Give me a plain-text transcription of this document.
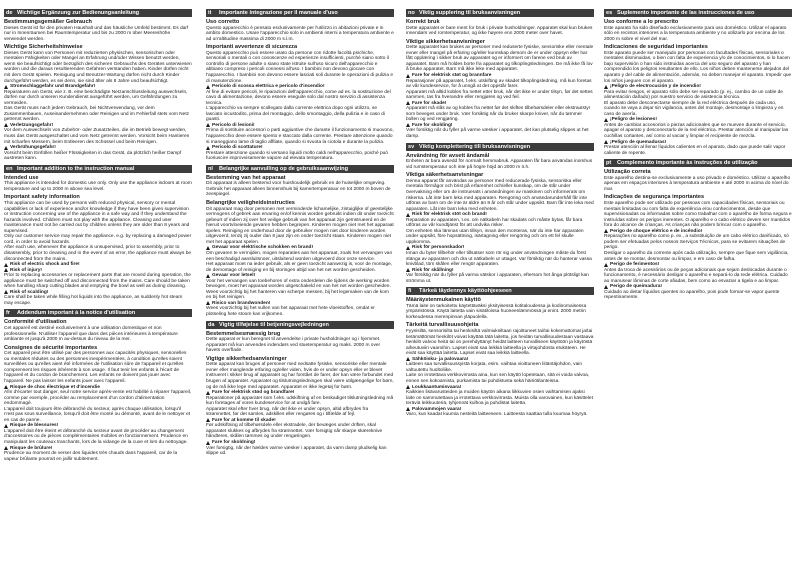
de Wichtige Ergänzung zur Bedienungsanleitung
Bestimmungsgemäßer Gebrauch

Dieses Gerät ist für den privaten Haushalt und das häusliche Umfeld bestimmt. Es darf nur in Innenräumen bei Raumtemperatur und bis zu 2000 m über Meereshöhe verwendet werden.

Wichtige Sicherheitshinweise

Dieses Gerät kann von Personen mit reduzierten physischen, sensorischen oder mentalen Fähigkeiten oder Mangel an Erfahrung und/oder Wissen benutzt werden, wenn sie beaufsichtigt oder bezüglich des sicheren Gebrauchs des Gerätes unterwiesen wurden und die daraus resultierenden Gefahren verstanden haben. Kinder dürfen nicht mit dem Gerät spielen. Reinigung und Benutzer-Wartung dürfen nicht durch Kinder durchgeführt werden, es sei denn, sie sind älter als 8 Jahre und beaufsichtigt.

Stromschlaggefahr und Brandgefahr!

Reparaturen am Gerät, wie z. B. eine beschädigte Netzanschlussleitung auswechseln, dürfen nur durch unseren Kundendienst ausgeführt werden, um Gefährdungen zu vermeiden.

Das Gerät muss nach jedem Gebrauch, bei Nichtverwendung, vor dem Zusammenbauen, Auseinandernehmen oder Reinigen und im Fehlerfall stets vom Netz getrennt werden.

Verletzungsgefahr!

Vor dem Auswechseln von Zubehör- oder Zusatzteilen, die im Betrieb bewegt werden, muss das Gerät ausgeschaltet und vom Netz getrennt werden. Vorsicht beim Hantieren mit scharfen Messern, beim Entleeren des Schüssel und beim Reinigen.

Verbrühungsgefahr!

Vorsicht beim Einfüllen heißer Flüssigkeiten in das Gerät, da plötzlich heißer Dampf austreten kann.

en Important addition to the instruction manual
Intended use

This appliance is intended for domestic use only. Only use the appliance indoors at room temperature and up to 2000 m above sea level.

Important safety information

This appliance can be used by persons with reduced physical, sensory or mental capabilities or lack of experience and/or knowledge if they have been given supervision or instruction concerning use of the appliance in a safe way and if they understand the hazards involved. Children must not play with the appliance. Cleaning and user maintenance must not be carried out by children unless they are older than 8 years and supervised.

Only our customer service may repair the appliance, e.g. by replacing a damaged power cord, in order to avoid hazards.

After each use, whenever the appliance is unsupervised, prior to assembly, prior to disassembly, prior to cleaning and in the event of an error, the appliance must always be disconnected from the mains.

Risk of electric shock and fire!
Risk of injury!

Prior to replacing accessories or replacement parts that are moved during operation, the appliance must be switched off and disconnected from the mains. Care should be taken when handling sharp cutting blades and emptying the bowl as well as during cleaning.

Risk of scalding!

Care shall be taken while filling hot liquids into the appliance, as suddenly hot steam may escape.

fr Addendum important à la notice d'utilisation
Conformité d'utilisation

Cet appareil est destiné exclusivement à une utilisation domestique et non professionnelle. N'utiliser l'appareil que dans des pièces intérieures à température ambiante et jusqu'à 2000 m au-dessus du niveau de la mer.

Consignes de sécurité importantes

Cet appareil peut être utilisé par des personnes aux capacités physiques, sensorielles ou mentales réduites ou des personnes inexpérimentées, à condition qu'elles soient surveillées ou qu'elles aient été informées de l'utilisation sûre de l'appareil et qu'elles comprennent les risques inhérents à son usage. Il faut tenir les enfants à l'écart de l'appareil et du cordon de branchement. Les enfants ne doivent pas jouer avec l'appareil. Ne pas laisser les enfants jouer avec l'appareil.

Risque de choc électrique et d'incendie

Afin d'écarter tout danger, seul notre service après-vente est habilité à réparer l'appareil, comme par exemple, procéder au remplacement d'un cordon d'alimentation endommagé.

L'appareil doit toujours être débranché du secteur, après chaque utilisation, lorsqu'il n'est pas sous surveillance, lorsqu'il doit être monté ou démonté, avant de le nettoyer et en cas de panne.

Risque de blessures!

L'appareil doit être éteint et débranché du secteur avant de procéder au changement d'accessoires ou de pièces complémentaires mobiles en fonctionnement. Prudence en manipulant les couteaux tranchants, lors de la vidange de la cuve et lors du nettoyage.

Risque de brûlure!

Prudence au moment de verser des liquides très chauds dans l'appareil, car de la vapeur brûlante pourrait en jaillir subitement.

it Importante integrazione per il manuale d'uso
Uso corretto

Questo apparecchio è pensato esclusivamente per l'utilizzo in abitazioni private e in ambito domestico. Usare l'apparecchio solo in ambienti interni a temperatura ambiente e ad un'altitudine massima di 2000 m s.l.m.

Importanti avvertenze di sicurezza

Questo apparecchio può essere usato da persone con ridotte facoltà psichiche, sensoriali o mentali o con conoscenze ed esperienze insufficienti, purché siano sotto il controllo di persone adulte o siano state istruite sull'uso sicuro dell'apparecchio e abbiano compreso i pericoli connessi all'uso. I bambini non devono giocare con l'apparecchio. I bambini non devono essere lasciati soli durante le operazioni di pulizia e di manutenzione.

Pericolo di scossa elettrica e pericolo d'incendio!

Al fine di evitare pericoli, le riparazioni dell'apparecchio, come ad es. la sostituzione del cavo di alimentazione, devono essere eseguite solo dal nostro servizio di assistenza tecnica.

L'apparecchio va sempre scollegato dalla corrente elettrica dopo ogni utilizzo, se lasciato incustodito, prima del montaggio, dello smontaggio, della pulizia e in caso di guasti.

Pericolo di lesioni!

Prima di sostituire accessori o parti aggiuntive che durante il funzionamento si muovono, l'apparecchio deve essere spento e staccato dalla corrente. Prestare attenzione quando si maneggiano lame di taglio affilate, quando si svuota la ciotola e durante la pulizia.

Pericolo di scottature!

Prestare attenzione quando si versano liquidi molto caldi nell'apparecchio, poiché può fuoriuscire improvvisamente vapore ad elevata temperatura.

nl Belangrijke aanvulling op de gebruiksaanwijzing
Bestemming van het apparaat

Dit apparaat is alleen bestemd voor huishoudelijk gebruik en de huiselijke omgeving. Gebruik het apparaat alleen binnenshuis bij kamertemperatuur en tot 2000 m boven de zeespiegel.

Belangrijke veiligheidsinstructies

Dit apparaat mag door personen met verminderde lichamelijke, zintuiglijke of geestelijke vermogens of gebrek aan ervaring en/of kennis worden gebruikt indien dit onder toezicht gebeurt of indien zij over het veilige gebruik van het apparaat zijn geïnstrueerd en de hieruit voortvloeiende gevaren hebben begrepen. Kinderen mogen niet met het apparaat spelen. Reiniging en onderhoud door de gebruiker mogen niet door kinderen worden uitgevoerd, tenzij zij ouder dan 8 jaar zijn en onder toezicht staan. Kinderen mogen niet met het apparaat spelen.

Gevaar voor elektrische schokken en brand!

Om gevaren te vermijden, mogen reparaties aan het apparaat, zoals het vervangen van een beschadigd aansluitsnoer, uitsluitend worden uitgevoerd door onze service.

Het apparaat moet na ieder gebruik, als er geen toezicht aanwezig is, voor de montage, de demontage of reiniging en bij storingen altijd van het net worden gescheiden.

Gevaar voor letsel!

Voor het vervangen van toebehoren of extra onderdelen die tijdens de werking worden bewogen, moet het apparaat worden uitgeschakeld en van het net worden gescheiden. Wees voorzichtig bij het hanteren van scherpe messen, bij het legemaken van de kom en bij het reinigen.

Risico van brandwonden!

Wees voorzichtig bij het vullen van het apparaat met hete vloeistoffen, omdat er plotseling hete stoom kan vrijkomen.

da Vigtig tilføjelse til betjeningsvejledningen
Bestemmelsesmæssig brug

Dette apparat er kun beregnet til anvendelse i private husholdninger og i hjemmet. Apparatet må kun anvendes indendørs ved stuetemperatur og maks. 2000 m over havets overflade.

Vigtige sikkerhedsanvisninger

Dette apparat kan bruges af personer med nedsatte fysiske, sensoriske eller mentale evner eller manglende erfaring og/eller viden, hvis de er under opsyn eller er blevet instrueret i sikker brug af apparatet og har forstået de farer, der kan være forbundet med brugen af apparatet. Apparatet og tilslutningsledningen skal være utilgængelige for børn, og de må ikke lege med apparatet. Apparatet er ikke legetøj for børn.

Fare for elektrisk stød og brandfare!

Reparationer på apparatet som f.eks. udskiftning af en beskadiget tilslutningsledning må kun foretages af vores kundeservice for at undgå fare.

Apparatet skal efter hver brug, når det ikke er under opsyn, altid afbrydes fra strømnettet, før det samles, adskilles eller rengøres og i tilfælde af fejl.

Fare for at komme til skade!

Før udskiftning af tilbehørsdele eller ekstradele, der bevæges under driften, skal apparatet slukkes og afbrydes fra strømnettet. Vær forsigtig når skarpe skæreknive håndteres, skålen tømmes og under rengøringen.

Fare for skoldning!

Vær forsigtig, når der hældes varme væsker i apparatet, da varm damp pludselig kan slippe ud.

no Viktig supplering til bruksanvisningen
Korrekt bruk

Dette apparatet er bare ment for bruk i private husholdninger. Apparatet skal kun brukes innendørs ved romtemperatur, og ikke høyere enn 2000 meter over havet.

Viktige sikkerhetsanvisninger

Dette apparatet kan brukes av personer med reduserte fysiske, sensoriske eller mentale evner eller mangel på erfaring og/eller kunnskap dersom de er under oppsyn eller har fått opplæring i sikker bruk av apparatet og er informert om farene ved bruk av apparatet. Barn må holdes borte fra apparatet og tilkoplingsledningen. De må ikke få lov å bruke apparatet. Barn må ikke leke med apparatet.

Fare for elektrisk støt og brannfare

Reparasjoner på apparatet, f.eks. utskifting av skadet tilkoplingsledning, må kun foretas av vår kundeservice, for å unngå at det oppstår farer.

Apparatet må alltid kobles fra nettet etter bruk, når det ikke er under tilsyn, før det settes sammen, tas fra hverandre eller rengjøres og ved feil.

Fare for skade!

Apparatet må slås av og kobles fra nettet før det skiftes tilbehørsdeler eller ekstrautstyr som beveges under bruk. Vær forsiktig når du bruker skarpe kniver, når du tømmer bollen og ved rengjøring.

Fare for skolding!

Vær forsiktig når du fyller på varme væsker i apparatet, det kan plutselig slippes ut het damp.

sv Viktig komplettering till bruksanvisningen
Användning för avsett ändamål

Enheten är bara avsedd för normalt hemmabruk. Apparaten får bara användas inomhus vid rumstemperatur och inte på högre höjd än 2000 m ö.h.

Viktiga säkerhetsanvisningar

Denna apparat får användas av personer med reducerade fysiska, sensoriska eller mentala förmågor och brist på erfarenhet och/eller kunskap, om de står under övervakning eller om de instruerats i användningen av maskinen och informerats om riskerna. Låt inte barn leka med apparaten. Rengöring och användarunderhåll får inte utföras av barn om de inte är äldre än 8 år och står under uppsikt. Barn får inte leka med apparaten. Låt inte barn leka med enheten.

Risk för elektrisk stöt och brand!

Reparation av apparaten, t.ex. om nätkabeln har skadats och måste bytas, får bara utföras av vår kundtjänst för att undvika risker.

Om enheten ska lämnas utan tillsyn, innan den monteras, när du inte har apparaten under uppsikt, före hopsättning, isärtagning eller rengöring och om ett fel skulle uppkomma.

Risk för personskador!

Innan du byter tillbehör eller tillsatser som rör sig under användningen måste du först stänga av apparaten och dra ut nätkabeln ur uttaget. Var försiktig när du hanterar vassa knivblad, töm skålen eller rengör apparaten.

Risk för skållning!

Var försiktig när du fyller på varma vätskor i apparaten, eftersom het ånga plötsligt kan strömma ut.

fi Tärkeä täydennys käyttöohjeeseen
Määräystenmukainen käyttö

Tämä laite on tarkoitettu käytettäväksi yksityisessä kotitaloudessa ja kodinomaisessa ympäristössä. Käytä laitetta vain sisätiloissa huoneenlämmössä ja enint. 2000 metrin korkeudessa merenpinnan yläpuolella.

Tärkeitä turvallisuusohjeita

Fyysisiltä, sensorisilta tai henkisiltä valmiuksiltaan rajoittuneet tai/tai kokemattomat ja/tai tietämättömät henkilöt voivat käyttää tätä laitetta, jos heidän turvallisuudestaan vastaava henkilö valvoo heitä tai on perehdyttänyt heidät laitteen turvalliseen käyttöön ja käytöstä aiheutuviin vaaroihin. Lapset eivät saa leikkiä laitteella ja virtajohdosta etukäteen. He eivät saa käyttää laitetta. Lapset eivät saa leikkiä laitteella.

Sähköisku- ja palovaara!

Laitteen saa turvallisuussyistä korjata, esim. vaihtaa vioittuneen liitäntäjohdon, vain valtuutettu huoltoliike.

Laite on irrotettava verkkovirrasta aina, kun sen käyttö lopetetaan, sitä ei voida valvoa, ennen sen kokoamista, purkamista tai puhdistusta sekä häiriötilanteissa.

Loukkaantumisvaara!

Kaikkien lisävarusteiden ja muiden käytön aikana liikkuvien osien vaihtamisen ajaksi laite on sammutettava ja irrotettava verkkovirrasta. Muista olla varovainen, kun käsittelet teräviä leikkuuteriä, tyhjennät kulhoa ja puhdistat laitetta.

Palovammojen vaara!

Varo, kun kaadat kuumia nesteitä laitteeseen. Laitteesta saattaa tulla kuumaa höyryä.

es Suplemento importante de las instrucciones de uso
Uso conforme a lo prescrito

Este aparato ha sido diseñado exclusivamente para uso doméstico. Utilizar el aparato sólo en recintos interiores a la temperatura ambiente y no utilizarlo por encima de los 2000 m sobre el nivel del mar.

Indicaciones de seguridad importantes

Este aparato puede ser manejado por personas con facultades físicas, sensoriales o mentales disminuidas, o bien con falta de experiencia y/o de conocimientos, si lo hacen bajo supervisión o han sido instruidas acerca del uso seguro del aparato y han comprendido los peligros resultantes de ello. Los niños deben mantenerse alejados del aparato y del cable de alimentación, además, no deben manejar el aparato. Impedir que los niños jueguen con el aparato.

¡Peligro de electrocución y de incendio!

Para evitar riesgos, el aparato sólo debe ser reparado (p. ej., cambio de un cable de alimentación dañado) por nuestro servicio de asistencia técnica.

El aparato debe desconectarse siempre de la red eléctrica después de cada uso, cuando se vaya a dejar sin vigilancia, antes del montaje, desmontaje o limpieza y en caso de avería.

¡Peligro de lesiones!

Antes de cambiar accesorios o piezas adicionales que se mueven durante el servicio, apagar el aparato y desconectarlo de la red eléctrica. Prestar atención al manipular las cuchillas cortantes, así como al vaciar y limpiar el recipiente de mezcla.

¡Peligro de quemaduras!

Prestar atención al llenar líquidos calientes en el aparato, dado que puede salir vapor caliente de repente.

pt Complemento importante às instruções de utilização
Utilização correta

Este aparelho destina-se exclusivamente a uso privado e doméstico. Utilizar o aparelho apenas em espaços interiores à temperatura ambiente e até 2000 m acima do nível do mar.

Indicações de segurança importantes

Este aparelho pode ser utilizado por pessoas com capacidades físicas, sensoriais ou mentais limitadas ou com falta de experiência e/ou conhecimentos, desde que supervisionadas ou informadas sobre como trabalhar com o aparelho de forma segura e instruídas sobre os perigos inerentes. O aparelho e o cabo elétrico devem ser mantidos fora do alcance de crianças. As crianças não podem brincar com o aparelho.

Perigo de choque elétrico e de incêndio!

Reparações no aparelho como p. ex., a substituição de um cabo elétrico danificado, só podem ser efetuadas pelos nossos Serviços Técnicos, para se evitarem situações de perigo.

Desligar o aparelho da corrente após cada utilização, sempre que fique sem vigilância, antes de se montar, desmontar ou limpar, e em caso de falha.

Perigo de ferimentos!

Antes da troca de acessórios ou de peças adicionais que sejam deslocadas durante o funcionamento, é necessário desligar o aparelho e separá-lo da rede elétrica. Cuidado ao manusear lâminas de corte afiadas, bem como ao esvaziar a tigela e ao limpar.

Perigo de queimadura!

Cuidado ao deitar líquidos quentes no aparelho, pois pode formar-se vapor quente repentinamente.
